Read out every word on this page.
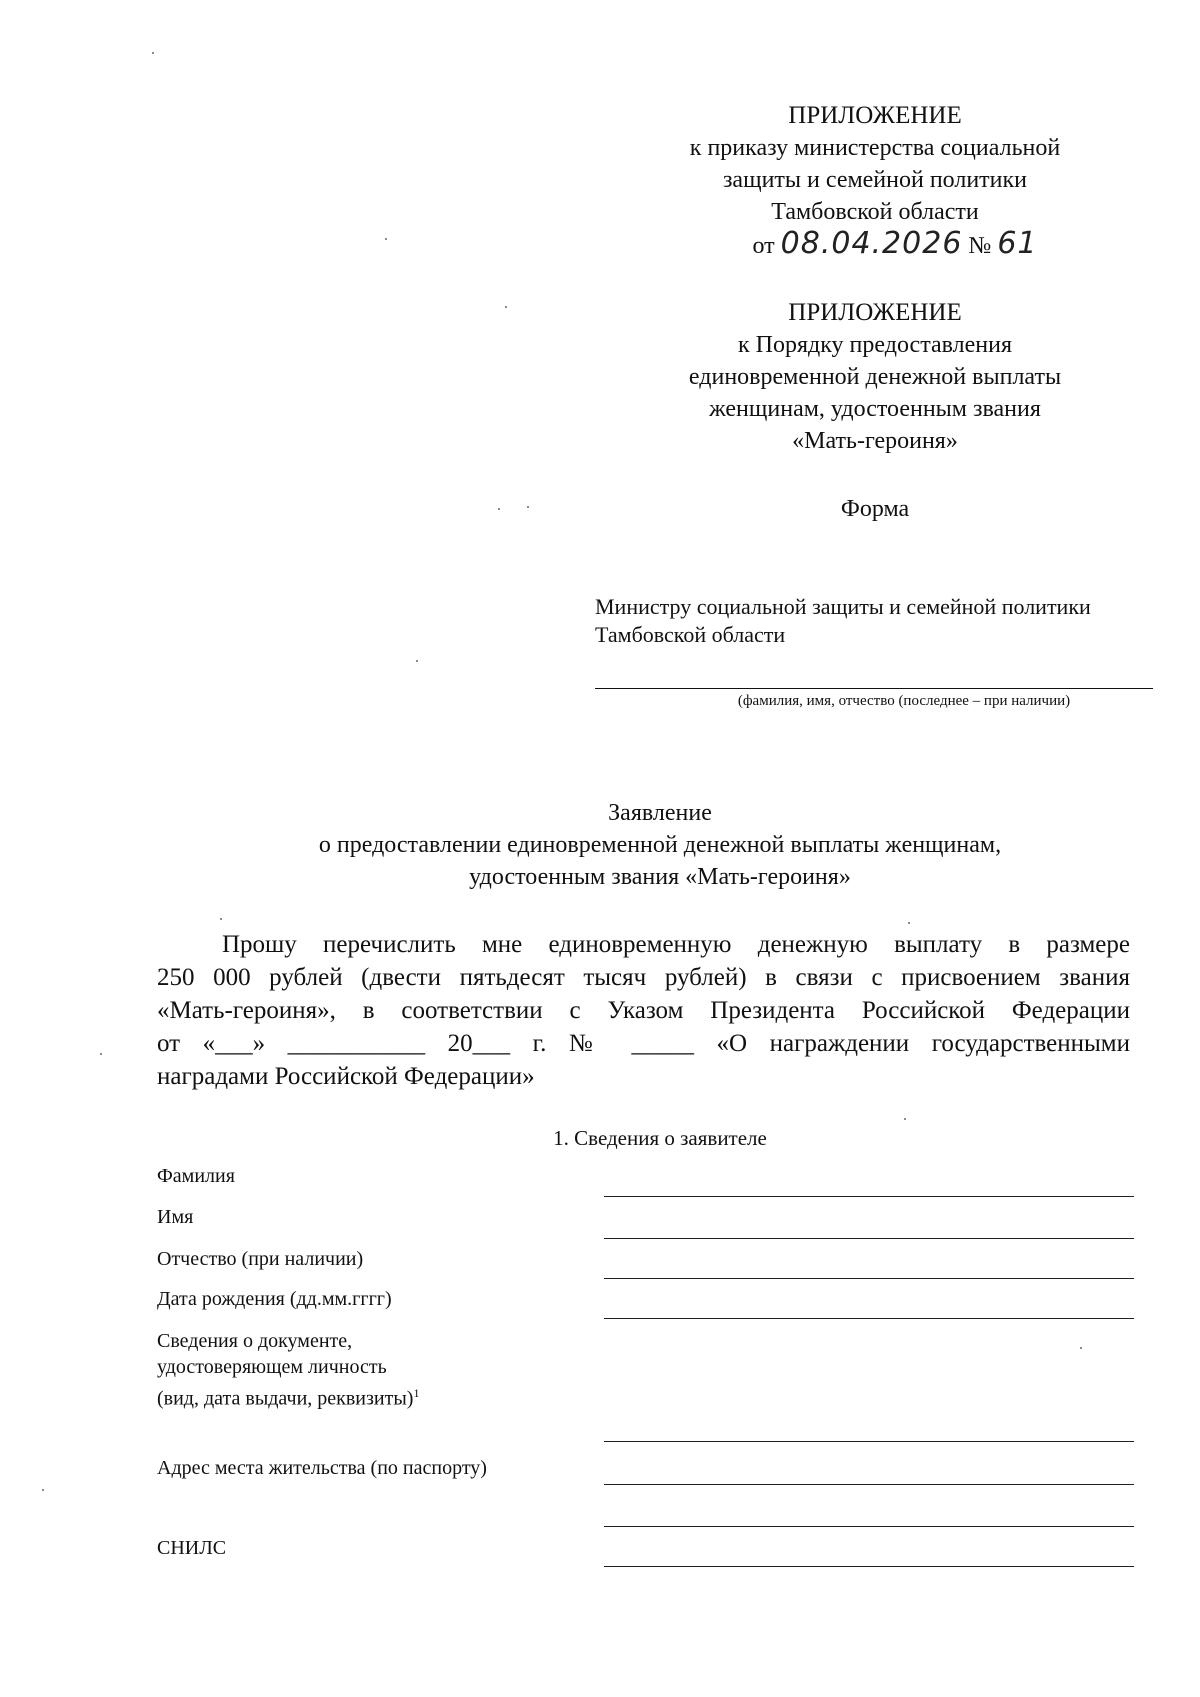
ПРИЛОЖЕНИЕ
к приказу министерства социальной
защиты и семейной политики
Тамбовской области
от 08.04.2026 № 61
ПРИЛОЖЕНИЕ
к Порядку предоставления
единовременной денежной выплаты
женщинам, удостоенным звания
«Мать-героиня»
Форма
Министру социальной защиты и семейной политики
Тамбовской области
(фамилия, имя, отчество (последнее – при наличии)
Заявление
о предоставлении единовременной денежной выплаты женщинам,
удостоенным звания «Мать-героиня»
Прошу перечислить мне единовременную денежную выплату в размере
250 000 рублей (двести пятьдесят тысяч рублей) в связи с присвоением звания
«Мать-героиня», в соответствии с Указом Президента Российской Федерации
от «___» ___________ 20___ г. № _____ «О награждении государственными
наградами Российской Федерации»
1. Сведения о заявителе
Фамилия
Имя
Отчество (при наличии)
Дата рождения (дд.мм.гггг)
Сведения о документе,
удостоверяющем личность
(вид, дата выдачи, реквизиты)$^1$
Адрес места жительства (по паспорту)
СНИЛС
